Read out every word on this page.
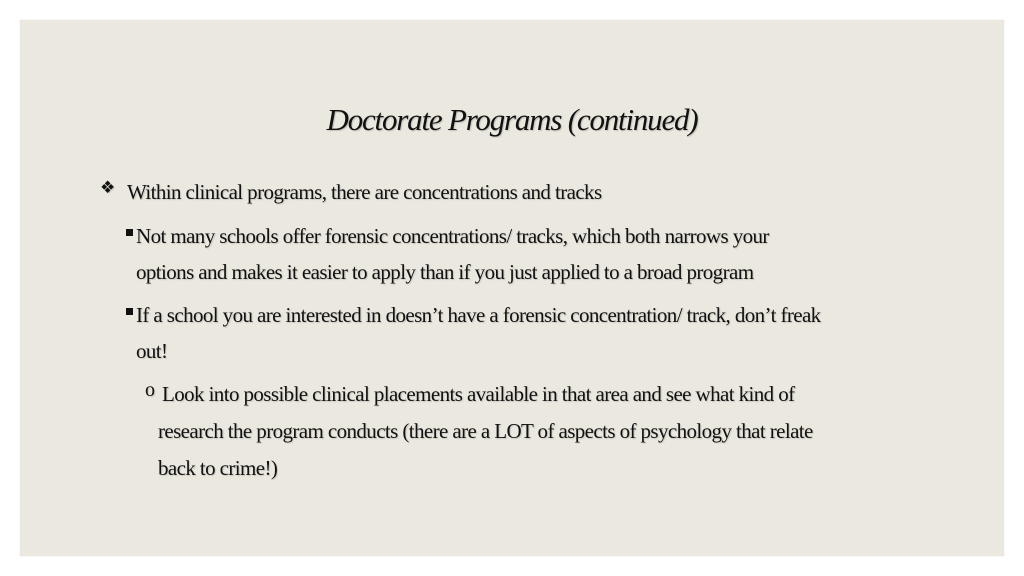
Doctorate Programs (continued)
❖ Within clinical programs, there are concentrations and tracks
Not many schools offer forensic concentrations/ tracks, which both narrows your
options and makes it easier to apply than if you just applied to a broad program
If a school you are interested in doesn’t have a forensic concentration/ track, don’t freak
out!
o Look into possible clinical placements available in that area and see what kind of
research the program conducts (there are a LOT of aspects of psychology that relate
back to crime!)
